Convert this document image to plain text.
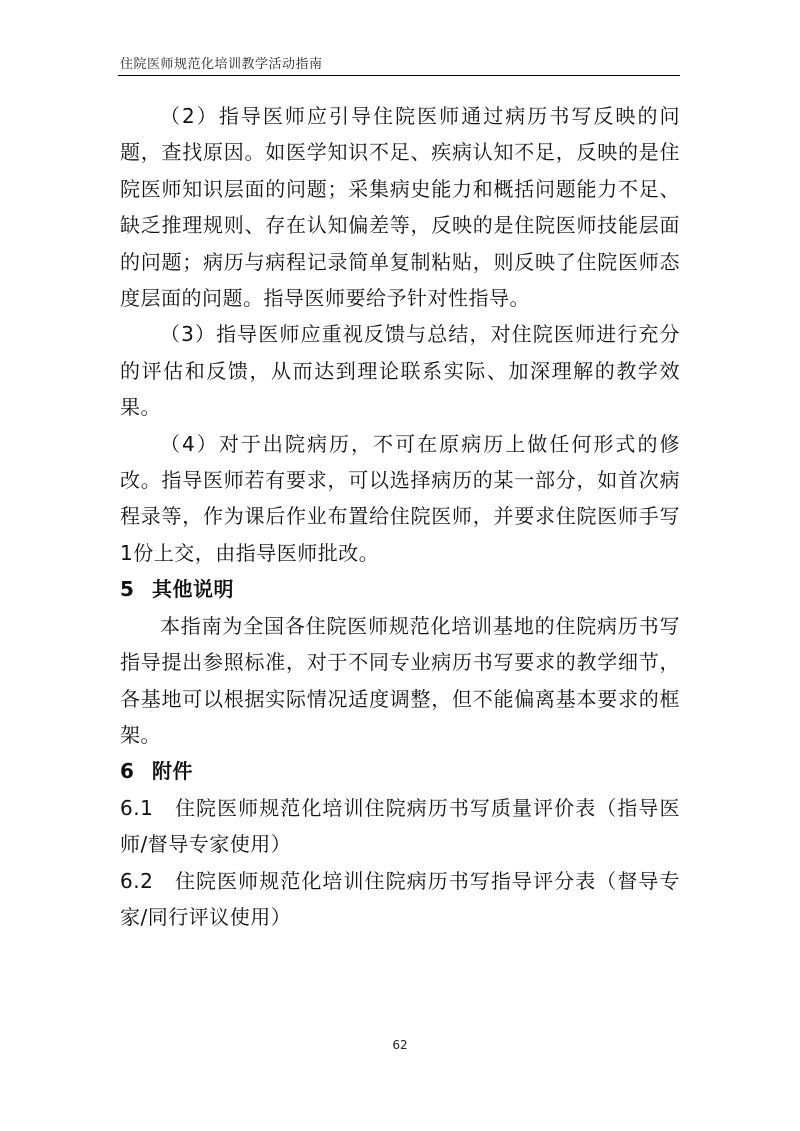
住院医师规范化培训教学活动指南

（2）指导医师应引导住院医师通过病历书写反映的问题，查找原因。如医学知识不足、疾病认知不足，反映的是住院医师知识层面的问题；采集病史能力和概括问题能力不足、缺乏推理规则、存在认知偏差等，反映的是住院医师技能层面的问题；病历与病程记录简单复制粘贴，则反映了住院医师态度层面的问题。指导医师要给予针对性指导。

（3）指导医师应重视反馈与总结，对住院医师进行充分的评估和反馈，从而达到理论联系实际、加深理解的教学效果。

（4）对于出院病历，不可在原病历上做任何形式的修改。指导医师若有要求，可以选择病历的某一部分，如首次病程录等，作为课后作业布置给住院医师，并要求住院医师手写1份上交，由指导医师批改。

5 其他说明

本指南为全国各住院医师规范化培训基地的住院病历书写指导提出参照标准，对于不同专业病历书写要求的教学细节，各基地可以根据实际情况适度调整，但不能偏离基本要求的框架。

6 附件

6.1　住院医师规范化培训住院病历书写质量评价表（指导医师/督导专家使用）

6.2　住院医师规范化培训住院病历书写指导评分表（督导专家/同行评议使用）

62
